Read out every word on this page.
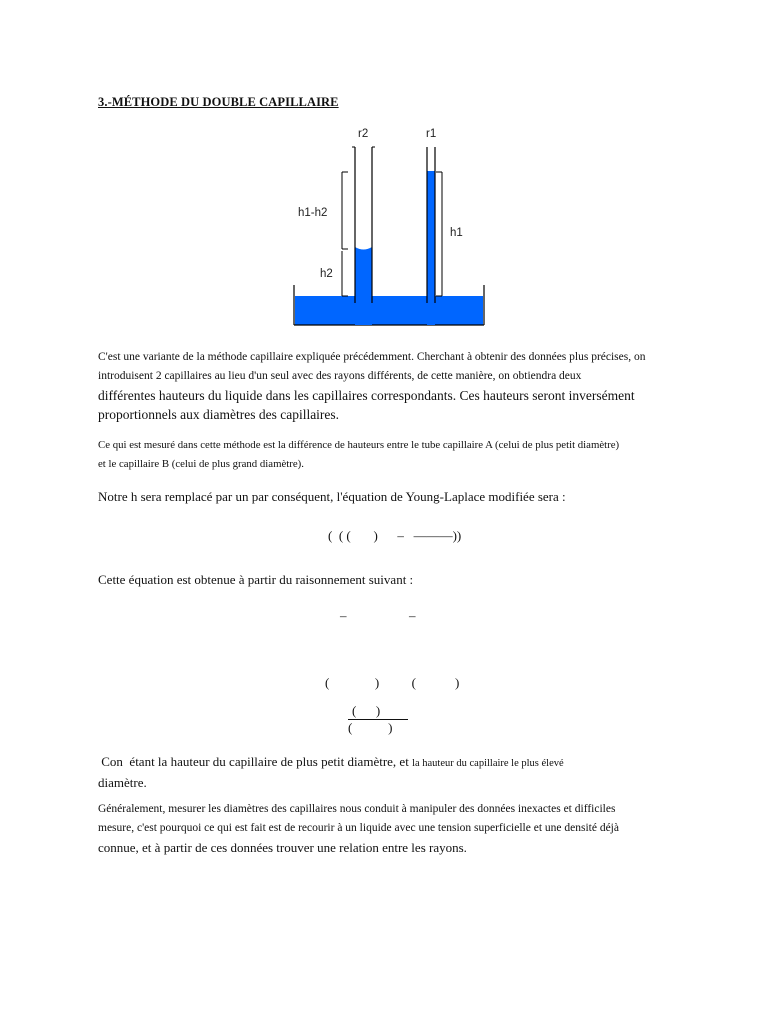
3.-MÉTHODE DU DOUBLE CAPILLAIRE
r2	r1
h1-h2
h2
h1
C'est une variante de la méthode capillaire expliquée précédemment. Cherchant à obtenir des données plus précises, on
introduisent 2 capillaires au lieu d'un seul avec des rayons différents, de cette manière, on obtiendra deux
différentes hauteurs du liquide dans les capillaires correspondants. Ces hauteurs seront inversément
proportionnels aux diamètres des capillaires.
Ce qui est mesuré dans cette méthode est la différence de hauteurs entre le tube capillaire A (celui de plus petit diamètre)
et le capillaire B (celui de plus grand diamètre).
Notre h sera remplacé par un par conséquent, l'équation de Young-Laplace modifiée sera :
(  ( (       )      –   ———))
Cette équation est obtenue à partir du raisonnement suivant :
–	–
(              )          (            )
(      )
(           )
Con  étant la hauteur du capillaire de plus petit diamètre, et la hauteur du capillaire le plus élevé
diamètre.
Généralement, mesurer les diamètres des capillaires nous conduit à manipuler des données inexactes et difficiles
mesure, c'est pourquoi ce qui est fait est de recourir à un liquide avec une tension superficielle et une densité déjà
connue, et à partir de ces données trouver une relation entre les rayons.
